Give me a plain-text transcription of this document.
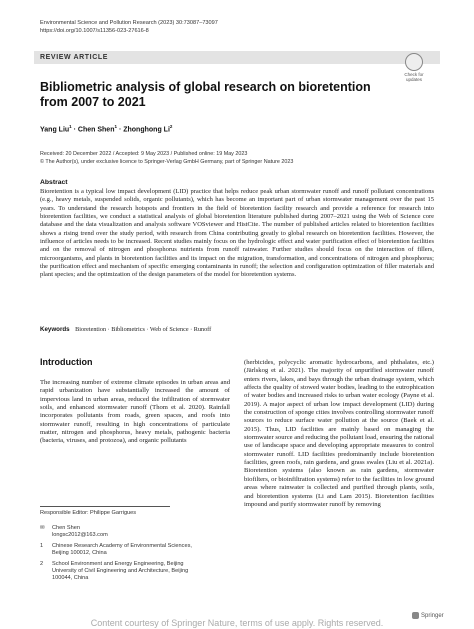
Environmental Science and Pollution Research (2023) 30:73087–73097
https://doi.org/10.1007/s11356-023-27616-8
REVIEW ARTICLE
Check for updates
Bibliometric analysis of global research on bioretention from 2007 to 2021
Yang Liu$^1$ · Chen Shen$^1$ · Zhonghong Li$^2$
Received: 20 December 2022 / Accepted: 9 May 2023 / Published online: 19 May 2023
© The Author(s), under exclusive licence to Springer-Verlag GmbH Germany, part of Springer Nature 2023
Abstract
Bioretention is a typical low impact development (LID) practice that helps reduce peak urban stormwater runoff and runoff pollutant concentrations (e.g., heavy metals, suspended solids, organic pollutants), which has become an important part of urban stormwater management over the past 15 years. To understand the research hotspots and frontiers in the field of bioretention facility research and provide a reference for research into bioretention facilities, we conduct a statistical analysis of global bioretention literature published during 2007–2021 using the Web of Science core database and the data visualization and analysis software VOSviewer and HistCite. The number of published articles related to bioretention facilities shows a rising trend over the study period, with research from China contributing greatly to global research on bioretention facilities. However, the influence of articles needs to be increased. Recent studies mainly focus on the hydrologic effect and water purification effect of bioretention facilities and on the removal of nitrogen and phosphorus nutrients from runoff rainwater. Further studies should focus on the interaction of fillers, microorganisms, and plants in bioretention facilities and its impact on the migration, transformation, and concentrations of nitrogen and phosphorus; the purification effect and mechanism of specific emerging contaminants in runoff; the selection and configuration optimization of filler materials and plant species; and the optimization of the design parameters of the model for bioretention systems.
Keywords Bioretention · Bibliometrics · Web of Science · Runoff
Introduction
The increasing number of extreme climate episodes in urban areas and rapid urbanization have substantially increased the amount of impervious land in urban areas, reduced the infiltration of stormwater soils, and enhanced stormwater runoff (Thom et al. 2020). Rainfall incorporates pollutants from roads, green spaces, and roofs into stormwater runoff, resulting in high concentrations of particulate matter, nitrogen and phosphorus, heavy metals, pathogenic bacteria (bacteria, viruses, and protozoa), and organic pollutants
(herbicides, polycyclic aromatic hydrocarbons, and phthalates, etc.) (Järlskog et al. 2021). The majority of unpurified stormwater runoff enters rivers, lakes, and bays through the urban drainage system, which affects the quality of stowed water bodies, leading to the eutrophication of water bodies and increased risks to urban water ecology (Payne et al. 2019). A major aspect of urban low impact development (LID) during the construction of sponge cities involves controlling stormwater runoff sources to reduce surface water pollution at the source (Baek et al. 2015). Thus, LID facilities are mainly based on managing the stormwater source and reducing the pollutant load, ensuring the rational use of landscape space and developing appropriate measures to control stormwater runoff. LID facilities predominantly include bioretention facilities, green roofs, rain gardens, and grass swales (Liu et al. 2021a). Bioretention systems (also known as rain gardens, stormwater biofilters, or bioinfiltration systems) refer to the facilities in low ground areas where rainwater is collected and purified through plants, soils, and bioretention systems (Li and Lam 2015). Bioretention facilities impound and purify stormwater runoff by removing
Responsible Editor: Philippe Garrigues
✉	Chen Shen
longsc2012@163.com
1	Chinese Research Academy of Environmental Sciences,
Beijing 100012, China
2	School Environment and Energy Engineering, Beijing
University of Civil Engineering and Architecture, Beijing
100044, China
Springer
Content courtesy of Springer Nature, terms of use apply. Rights reserved.
